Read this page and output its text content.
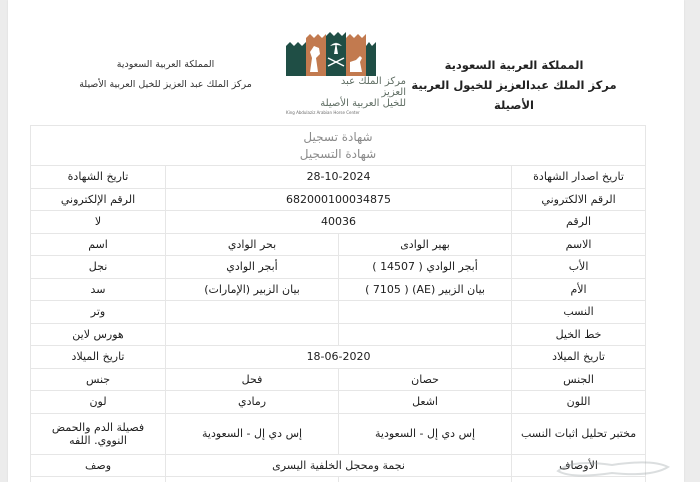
المملكة العربية السعودية
مركز الملك عبدالعزيز للخيول العربية الأصيلة
مركز الملك عبد العزيز
للخيل العربية الأصيلة
King Abdulaziz Arabian Horse Center
المملكة العربية السعودية
مركز الملك عبد العزيز للخيل العربية الأصيلة
شهادة تسجيل
شهادة التسجيل			

تاريخ اصدار الشهادة	28-10-2024		تاريخ الشهادة
الرقم الالكتروني	682000100034875		الرقم الإلكتروني
الرقم	40036		لا
الاسم	بهير الوادى	بحر الوادي	اسم
الأب	أبجر الوادي ( 14507 )	أبجر الوادي	نجل
الأم	بيان الزبير (AE) ( 7105 )	بيان الزبير (الإمارات)	سد
النسب			وتر
خط الخيل			هورس لاين
تاريخ الميلاد	18-06-2020		تاريخ الميلاد
الجنس	حصان	فحل	جنس
اللون	اشعل	رمادي	لون
مختبر تحليل اثبات النسب	إس دي إل - السعودية	إس دي إل - السعودية	فصيلة الدم والحمض النووي. اللفه
الأوصاف	نجمة ومحجل الخلفية اليسرى		وصف
